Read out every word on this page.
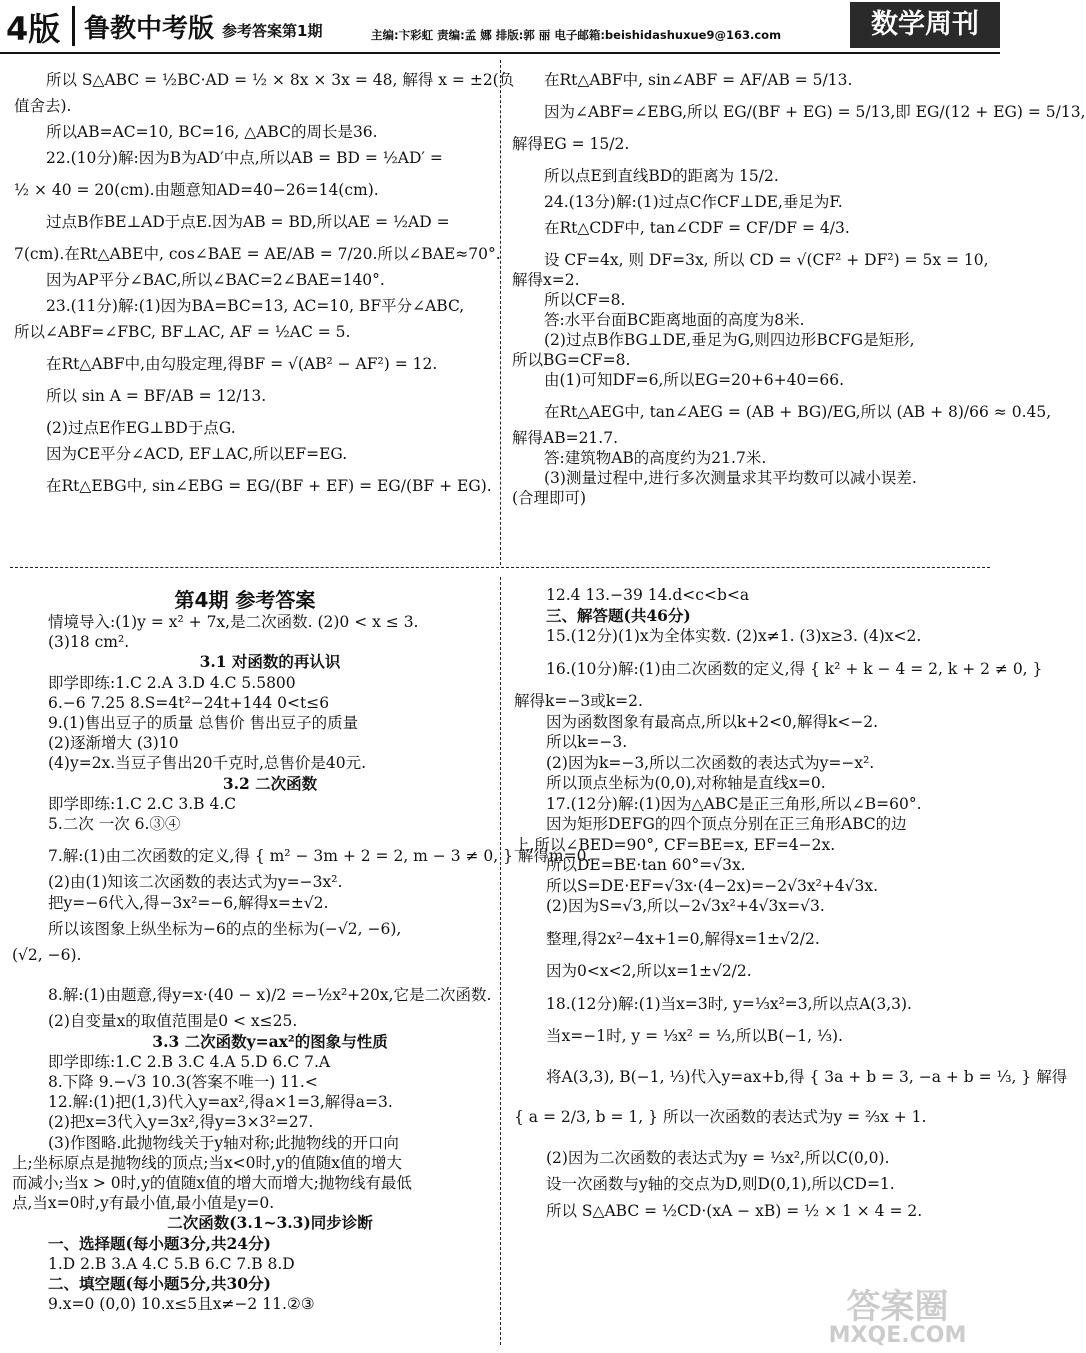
4版 鲁教中考版 参考答案第1期	主编:卞彩虹 责编:孟 娜 排版:郭 丽 电子邮箱:beishidashuxue9@163.com	数学周刊
所以 S△ABC = ½BC·AD = ½ × 8x × 3x = 48, 解得 x = ±2(负
值舍去).
所以AB=AC=10, BC=16, △ABC的周长是36.
22.(10分)解:因为B为AD′中点,所以AB = BD = ½AD′ =
½ × 40 = 20(cm).由题意知AD=40−26=14(cm).
过点B作BE⊥AD于点E.因为AB = BD,所以AE = ½AD =
7(cm).在Rt△ABE中, cos∠BAE = AE/AB = 7/20.所以∠BAE≈70°.
因为AP平分∠BAC,所以∠BAC=2∠BAE=140°.
23.(11分)解:(1)因为BA=BC=13, AC=10, BF平分∠ABC,
所以∠ABF=∠FBC, BF⊥AC, AF = ½AC = 5.
在Rt△ABF中,由勾股定理,得BF = √(AB² − AF²) = 12.
所以 sin A = BF/AB = 12/13.
(2)过点E作EG⊥BD于点G.
因为CE平分∠ACD, EF⊥AC,所以EF=EG.
在Rt△EBG中, sin∠EBG = EG/(BF + EF) = EG/(BF + EG).
在Rt△ABF中, sin∠ABF = AF/AB = 5/13.
因为∠ABF=∠EBG,所以 EG/(BF + EG) = 5/13,即 EG/(12 + EG) = 5/13,
解得EG = 15/2.
所以点E到直线BD的距离为 15/2.
24.(13分)解:(1)过点C作CF⊥DE,垂足为F.
在Rt△CDF中, tan∠CDF = CF/DF = 4/3.
设 CF=4x, 则 DF=3x, 所以 CD = √(CF² + DF²) = 5x = 10,
解得x=2.
所以CF=8.
答:水平台面BC距离地面的高度为8米.
(2)过点B作BG⊥DE,垂足为G,则四边形BCFG是矩形,
所以BG=CF=8.
由(1)可知DF=6,所以EG=20+6+40=66.
在Rt△AEG中, tan∠AEG = (AB + BG)/EG,所以 (AB + 8)/66 ≈ 0.45,
解得AB=21.7.
答:建筑物AB的高度约为21.7米.
(3)测量过程中,进行多次测量求其平均数可以减小误差.
(合理即可)
第4期 参考答案
情境导入:(1)y = x² + 7x,是二次函数. (2)0 < x ≤ 3.
(3)18 cm².
3.1 对函数的再认识
即学即练:1.C 2.A 3.D 4.C 5.5800
6.−6 7.25 8.S=4t²−24t+144 0<t≤6
9.(1)售出豆子的质量 总售价 售出豆子的质量
(2)逐渐增大 (3)10
(4)y=2x.当豆子售出20千克时,总售价是40元.
3.2 二次函数
即学即练:1.C 2.C 3.B 4.C
5.二次 一次 6.③④
7.解:(1)由二次函数的定义,得 { m² − 3m + 2 = 2, m − 3 ≠ 0, } 解得m=0.
(2)由(1)知该二次函数的表达式为y=−3x².
把y=−6代入,得−3x²=−6,解得x=±√2.
所以该图象上纵坐标为−6的点的坐标为(−√2, −6),
(√2, −6).
8.解:(1)由题意,得y=x·(40 − x)/2 =−½x²+20x,它是二次函数.
(2)自变量x的取值范围是0 < x≤25.
3.3 二次函数y=ax²的图象与性质
即学即练:1.C 2.B 3.C 4.A 5.D 6.C 7.A
8.下降 9.−√3 10.3(答案不唯一) 11.<
12.解:(1)把(1,3)代入y=ax²,得a×1=3,解得a=3.
(2)把x=3代入y=3x²,得y=3×3²=27.
(3)作图略.此抛物线关于y轴对称;此抛物线的开口向
上;坐标原点是抛物线的顶点;当x<0时,y的值随x值的增大
而减小;当x > 0时,y的值随x值的增大而增大;抛物线有最低
点,当x=0时,y有最小值,最小值是y=0.
二次函数(3.1~3.3)同步诊断
一、选择题(每小题3分,共24分)
1.D 2.B 3.A 4.C 5.B 6.C 7.B 8.D
二、填空题(每小题5分,共30分)
9.x=0 (0,0) 10.x≤5且x≠−2 11.②③
12.4 13.−39 14.d<c<b<a
三、解答题(共46分)
15.(12分)(1)x为全体实数. (2)x≠1. (3)x≥3. (4)x<2.
16.(10分)解:(1)由二次函数的定义,得 { k² + k − 4 = 2, k + 2 ≠ 0, }
解得k=−3或k=2.
因为函数图象有最高点,所以k+2<0,解得k<−2.
所以k=−3.
(2)因为k=−3,所以二次函数的表达式为y=−x².
所以顶点坐标为(0,0),对称轴是直线x=0.
17.(12分)解:(1)因为△ABC是正三角形,所以∠B=60°.
因为矩形DEFG的四个顶点分别在正三角形ABC的边
上,所以∠BED=90°, CF=BE=x, EF=4−2x.
所以DE=BE·tan 60°=√3x.
所以S=DE·EF=√3x·(4−2x)=−2√3x²+4√3x.
(2)因为S=√3,所以−2√3x²+4√3x=√3.
整理,得2x²−4x+1=0,解得x=1±√2/2.
因为0<x<2,所以x=1±√2/2.
18.(12分)解:(1)当x=3时, y=⅓x²=3,所以点A(3,3).
当x=−1时, y = ⅓x² = ⅓,所以B(−1, ⅓).
将A(3,3), B(−1, ⅓)代入y=ax+b,得 { 3a + b = 3, −a + b = ⅓, } 解得
{ a = 2/3, b = 1, } 所以一次函数的表达式为y = ⅔x + 1.
(2)因为二次函数的表达式为y = ⅓x²,所以C(0,0).
设一次函数与y轴的交点为D,则D(0,1),所以CD=1.
所以 S△ABC = ½CD·(xA − xB) = ½ × 1 × 4 = 2.
答案圈
MXQE.COM
